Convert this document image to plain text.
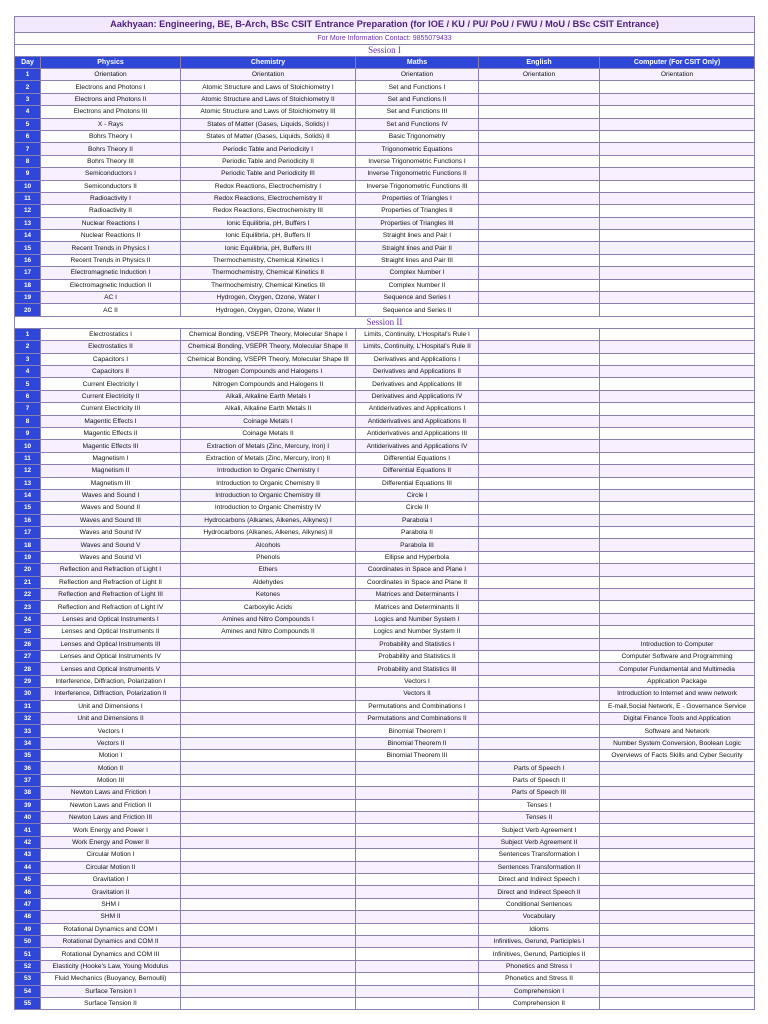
Aakhyaan: Engineering, BE, B-Arch, BSc CSIT Entrance Preparation (for IOE / KU / PU/ PoU / FWU / MoU / BSc CSIT Entrance)					
For More Information Contact: 9855079433					
Session I					
Day	Physics	Chemistry	Maths	English	Computer (For CSIT Only)
1	Orientation	Orientation	Orientation	Orientation	Orientation
2	Electrons and Photons I	Atomic Structure and Laws of Stoichiometry I	Set and Functions I		
3	Electrons and Photons II	Atomic Structure and Laws of Stoichiometry II	Set and Functions II		
4	Electrons and Photons III	Atomic Structure and Laws of Stoichiometry III	Set and Functions III		
5	X - Rays	States of Matter (Gases, Liquids, Solids) I	Set and Functions IV		
6	Bohrs Theory I	States of Matter (Gases, Liquids, Solids) II	Basic Trigonometry		
7	Bohrs Theory II	Periodic Table and Periodicity I	Trigonometric Equations		
8	Bohrs Theory III	Periodic Table and Periodicity II	Inverse Trigonometric Functions I		
9	Semiconductors I	Periodic Table and Periodicity III	Inverse Trigonometric Functions II		
10	Semiconductors II	Redox Reactions, Electrochemistry I	Inverse Trigonometric Functions III		
11	Radioactivity I	Redox Reactions, Electrochemistry II	Properties of Triangles I		
12	Radioactivity II	Redox Reactions, Electrochemistry III	Properties of Triangles II		
13	Nuclear Reactions I	Ionic Equilibria, pH, Buffers I	Properties of Triangles III		
14	Nuclear Reactions II	Ionic Equilibria, pH, Buffers II	Straight lines and Pair I		
15	Recent Trends in Physics I	Ionic Equilibria, pH, Buffers III	Straight lines and Pair II		
16	Recent Trends in Physics II	Thermochemistry, Chemical Kinetics I	Straight lines and Pair III		
17	Electromagnetic Induction I	Thermochemistry, Chemical Kinetics II	Complex Number I		
18	Electromagnetic Induction II	Thermochemistry, Chemical Kinetics III	Complex Number II		
19	AC I	Hydrogen, Oxygen, Ozone, Water I	Sequence and Series I		
20	AC II	Hydrogen, Oxygen, Ozone, Water II	Sequence and Series II		
Session II					
1	Electrostatics I	Chemical Bonding, VSEPR Theory, Molecular Shape I	Limits, Continuity, L'Hospital's Rule I		
2	Electrostatics II	Chemical Bonding, VSEPR Theory, Molecular Shape II	Limits, Continuity, L'Hospital's Rule II		
3	Capacitors I	Chemical Bonding, VSEPR Theory, Molecular Shape III	Derivatives and Applications I		
4	Capacitors II	Nitrogen Compounds and Halogens I	Derivatives and Applications II		
5	Current Electricity I	Nitrogen Compounds and Halogens II	Derivatives and Applications III		
6	Current Electricity II	Alkali, Alkaline Earth Metals I	Derivatives and Applications IV		
7	Current Electricity III	Alkali, Alkaline Earth Metals II	Antiderivatives and Applications I		
8	Magentic Effects I	Coinage Metals I	Antiderivatives and Applications II		
9	Magentic Effects II	Coinage Metals II	Antiderivatives and Applications III		
10	Magentic Effects III	Extraction of Metals (Zinc, Mercury, Iron) I	Antiderivatives and Applications IV		
11	Magnetism I	Extraction of Metals (Zinc, Mercury, Iron) II	Differential Equations I		
12	Magnetism II	Introduction to Organic Chemistry I	Differential Equations II		
13	Magnetism III	Introduction to Organic Chemistry II	Differential Equations III		
14	Waves and Sound I	Introduction to Organic Chemistry III	Circle I		
15	Waves and Sound II	Introduction to Organic Chemistry IV	Circle II		
16	Waves and Sound III	Hydrocarbons (Alkanes, Alkenes, Alkynes) I	Parabola I		
17	Waves and Sound IV	Hydrocarbons (Alkanes, Alkenes, Alkynes) II	Parabola II		
18	Waves and Sound V	Alcohols	Parabola III		
19	Waves and Sound VI	Phenols	Ellipse and Hyperbola		
20	Reflection and Refraction of Light I	Ethers	Coordinates in Space and Plane I		
21	Reflection and Refraction of Light II	Aldehydes	Coordinates in Space and Plane II		
22	Reflection and Refraction of Light III	Ketones	Matrices and Determinants I		
23	Reflection and Refraction of Light IV	Carboxylic Acids	Matrices and Determinants II		
24	Lenses and Optical Instruments I	Amines and Nitro Compounds I	Logics and Number System I		
25	Lenses and Optical Instruments II	Amines and Nitro Compounds II	Logics and Number System II		
26	Lenses and Optical Instruments III		Probability and Statistics I		Introduction to Computer
27	Lenses and Optical Instruments IV		Probability and Statistics II		Computer Software and Programming
28	Lenses and Optical Instruments V		Probability and Statistics III		Computer Fundamental and Multimedia
29	Interference, Diffraction, Polarization I		Vectors I		Application Package
30	Interference, Diffraction, Polarization II		Vectors II		Introduction to Internet and www network
31	Unit and Dimensions I		Permutations and Combinations I		E-mail,Social Network, E - Governance Service
32	Unit and Dimensions II		Permutations and Combinations II		Digital Finance Tools and Application
33	Vectors I		Binomial Theorem I		Software and Network
34	Vectors II		Binomial Theorem II		Number System Conversion, Boolean Logic
35	Motion I		Binomial Theorem III		Overviews of Facts Skills and Cyber Security
36	Motion II			Parts of Speech I	
37	Motion III			Parts of Speech II	
38	Newton Laws and Friction I			Parts of Speech III	
39	Newton Laws and Friction II			Tenses I	
40	Newton Laws and Friction III			Tenses II	
41	Work Energy and Power I			Subject Verb Agreement I	
42	Work Energy and Power II			Subject Verb Agreement II	
43	Circular Motion I			Sentences Transformation I	
44	Circular Motion II			Sentences Transformation II	
45	Gravitation I			Direct and Indirect Speech I	
46	Gravitation II			Direct and Indirect Speech II	
47	SHM I			Conditional Sentences	
48	SHM II			Vocabulary	
49	Rotational Dynamics and COM I			Idioms	
50	Rotational Dynamics and COM II			Infinitives, Gerund, Participles I	
51	Rotational Dynamics and COM III			Infinitives, Gerund, Participles II	
52	Elasticity (Hooke's Law, Young Modulus			Phonetics and Stress I	
53	Fluid Mechanics (Buoyancy, Bernoulli)			Phonetics and Stress II	
54	Surface Tension I			Comprehension I	
55	Surface Tension II			Comprehension II	
